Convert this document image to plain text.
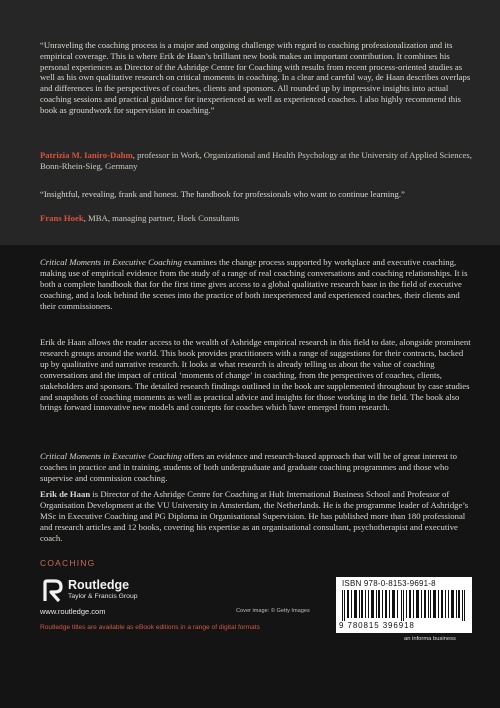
“Unraveling the coaching process is a major and ongoing challenge with regard to coaching professionalization and its empirical coverage. This is where Erik de Haan’s brilliant new book makes an important contribution. It combines his personal experiences as Director of the Ashridge Centre for Coaching with results from recent process-oriented studies as well as his own qualitative research on critical moments in coaching. In a clear and careful way, de Haan describes overlaps and differences in the perspectives of coaches, clients and sponsors. All rounded up by impressive insights into actual coaching sessions and practical guidance for inexperienced as well as experienced coaches. I also highly recommend this book as groundwork for supervision in coaching.”
Patrizia M. Ianiro-Dahm, professor in Work, Organizational and Health Psychology at the University of Applied Sciences, Bonn-Rhein-Sieg, Germany
“Insightful, revealing, frank and honest. The handbook for professionals who want to continue learning.”
Frans Hoek, MBA, managing partner, Hoek Consultants
Critical Moments in Executive Coaching examines the change process supported by workplace and executive coaching, making use of empirical evidence from the study of a range of real coaching conversations and coaching relationships. It is both a complete handbook that for the first time gives access to a global qualitative research base in the field of executive coaching, and a look behind the scenes into the practice of both inexperienced and experienced coaches, their clients and their commissioners.
Erik de Haan allows the reader access to the wealth of Ashridge empirical research in this field to date, alongside prominent research groups around the world. This book provides practitioners with a range of suggestions for their contracts, backed up by qualitative and narrative research. It looks at what research is already telling us about the value of coaching conversations and the impact of critical ‘moments of change’ in coaching, from the perspectives of coaches, clients, stakeholders and sponsors. The detailed research findings outlined in the book are supplemented throughout by case studies and snapshots of coaching moments as well as practical advice and insights for those working in the field. The book also brings forward innovative new models and concepts for coaches which have emerged from research.
Critical Moments in Executive Coaching offers an evidence and research-based approach that will be of great interest to coaches in practice and in training, students of both undergraduate and graduate coaching programmes and those who supervise and commission coaching.
Erik de Haan is Director of the Ashridge Centre for Coaching at Hult International Business School and Professor of Organisation Development at the VU University in Amsterdam, the Netherlands. He is the programme leader of Ashridge’s MSc in Executive Coaching and PG Diploma in Organisational Supervision. He has published more than 180 professional and research articles and 12 books, covering his expertise as an organisational consultant, psychotherapist and executive coach.
COACHING
Routledge
Taylor & Francis Group
www.routledge.com	Cover image: © Getty Images
Routledge titles are available as eBook editions in a range of digital formats
ISBN 978-0-8153-9691-8
9 780815 396918
an informa business
